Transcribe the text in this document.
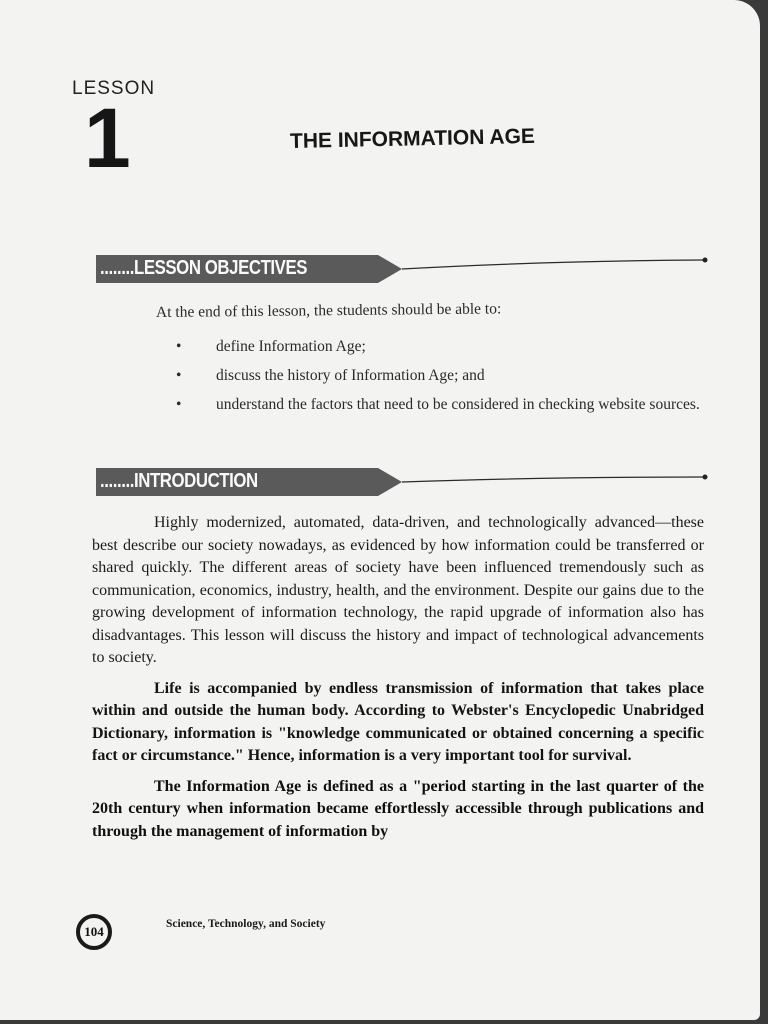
LESSON
1	THE INFORMATION AGE
........LESSON OBJECTIVES
At the end of this lesson, the students should be able to:
• define Information Age;
• discuss the history of Information Age; and
• understand the factors that need to be considered in checking website sources.
........INTRODUCTION

Highly modernized, automated, data-driven, and technologically advanced—these best describe our society nowadays, as evidenced by how information could be transferred or shared quickly. The different areas of society have been influenced tremendously such as communication, economics, industry, health, and the environment. Despite our gains due to the growing development of information technology, the rapid upgrade of information also has disadvantages. This lesson will discuss the history and impact of technological advancements to society.

Life is accompanied by endless transmission of information that takes place within and outside the human body. According to Webster's Encyclopedic Unabridged Dictionary, information is "knowledge communicated or obtained concerning a specific fact or circumstance." Hence, information is a very important tool for survival.

The Information Age is defined as a "period starting in the last quarter of the 20th century when information became effortlessly accessible through publications and through the management of information by

104	Science, Technology, and Society
